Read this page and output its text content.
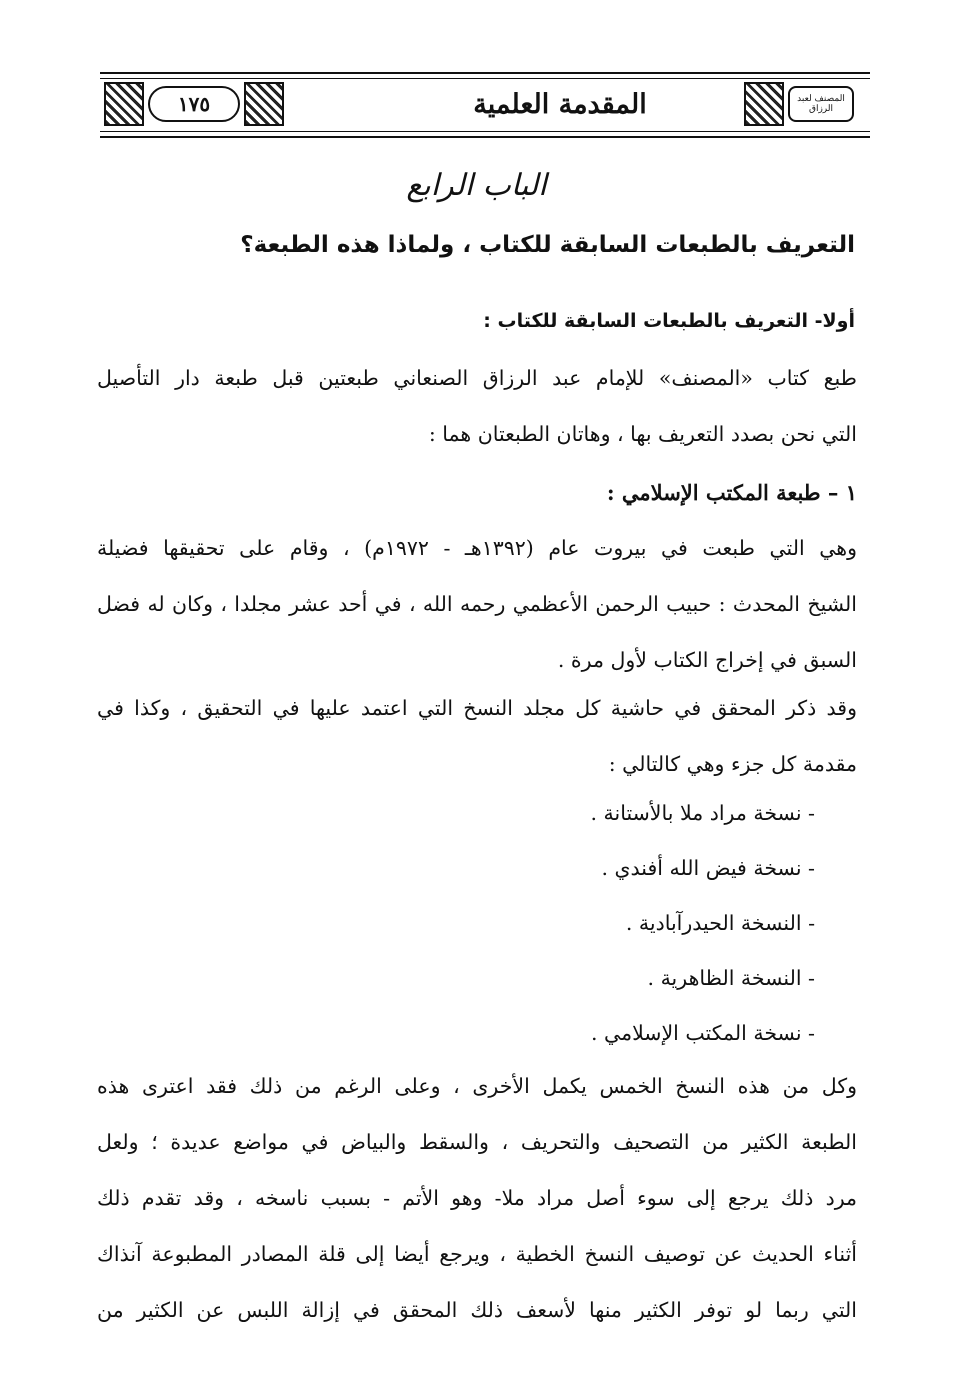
١٧٥	المقدمة العلمية	المصنف لعبد الرزاق
الباب الرابع
التعريف بالطبعات السابقة للكتاب ، ولماذا هذه الطبعة؟
أولا- التعريف بالطبعات السابقة للكتاب :
طبع كتاب «المصنف» للإمام عبد الرزاق الصنعاني طبعتين قبل طبعة دار التأصيل
التي نحن بصدد التعريف بها ، وهاتان الطبعتان هما :
١ – طبعة المكتب الإسلامي :
وهي التي طبعت في بيروت عام (١٣٩٢هـ - ١٩٧٢م) ، وقام على تحقيقها فضيلة
الشيخ المحدث : حبيب الرحمن الأعظمي رحمه الله ، في أحد عشر مجلدا ، وكان له فضل
السبق في إخراج الكتاب لأول مرة .
وقد ذكر المحقق في حاشية كل مجلد النسخ التي اعتمد عليها في التحقيق ، وكذا في
مقدمة كل جزء وهي كالتالي :
- نسخة مراد ملا بالأستانة .
- نسخة فيض الله أفندي .
- النسخة الحيدرآبادية .
- النسخة الظاهرية .
- نسخة المكتب الإسلامي .
وكل من هذه النسخ الخمس يكمل الأخرى ، وعلى الرغم من ذلك فقد اعترى هذه
الطبعة الكثير من التصحيف والتحريف ، والسقط والبياض في مواضع عديدة ؛ ولعل
مرد ذلك يرجع إلى سوء أصل مراد ملا- وهو الأتم - بسبب ناسخه ، وقد تقدم ذلك
أثناء الحديث عن توصيف النسخ الخطية ، ويرجع أيضا إلى قلة المصادر المطبوعة آنذاك
التي ربما لو توفر الكثير منها لأسعف ذلك المحقق في إزالة اللبس عن الكثير من
